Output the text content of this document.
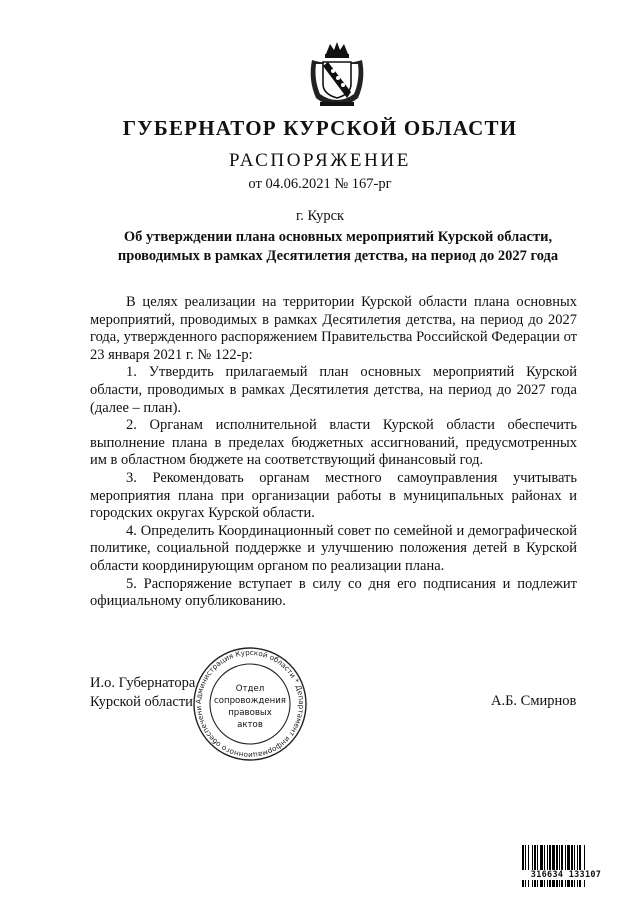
ГУБЕРНАТОР КУРСКОЙ ОБЛАСТИ
РАСПОРЯЖЕНИЕ
от 04.06.2021 № 167-рг
г. Курск
Об утверждении плана основных мероприятий Курской области,
проводимых в рамках Десятилетия детства, на период до 2027 года

В целях реализации на территории Курской области плана основных мероприятий, проводимых в рамках Десятилетия детства, на период до 2027 года, утвержденного распоряжением Правительства Российской Федерации от 23 января 2021 г. № 122-р:

1. Утвердить прилагаемый план основных мероприятий Курской области, проводимых в рамках Десятилетия детства, на период до 2027 года (далее – план).

2. Органам исполнительной власти Курской области обеспечить выполнение плана в пределах бюджетных ассигнований, предусмотренных им в областном бюджете на соответствующий финансовый год.

3. Рекомендовать органам местного самоуправления учитывать мероприятия плана при организации работы в муниципальных районах и городских округах Курской области.

4. Определить Координационный совет по семейной и демографической политике, социальной поддержке и улучшению положения детей в Курской области координирующим органом по реализации плана.

5. Распоряжение вступает в силу со дня его подписания и подлежит официальному опубликованию.

И.о. Губернатора
Курской области	А.Б. Смирнов
Администрация Курской области * Департамент информационного обеспечени
Отдел
сопровождения
правовых
актов
316634 133107
